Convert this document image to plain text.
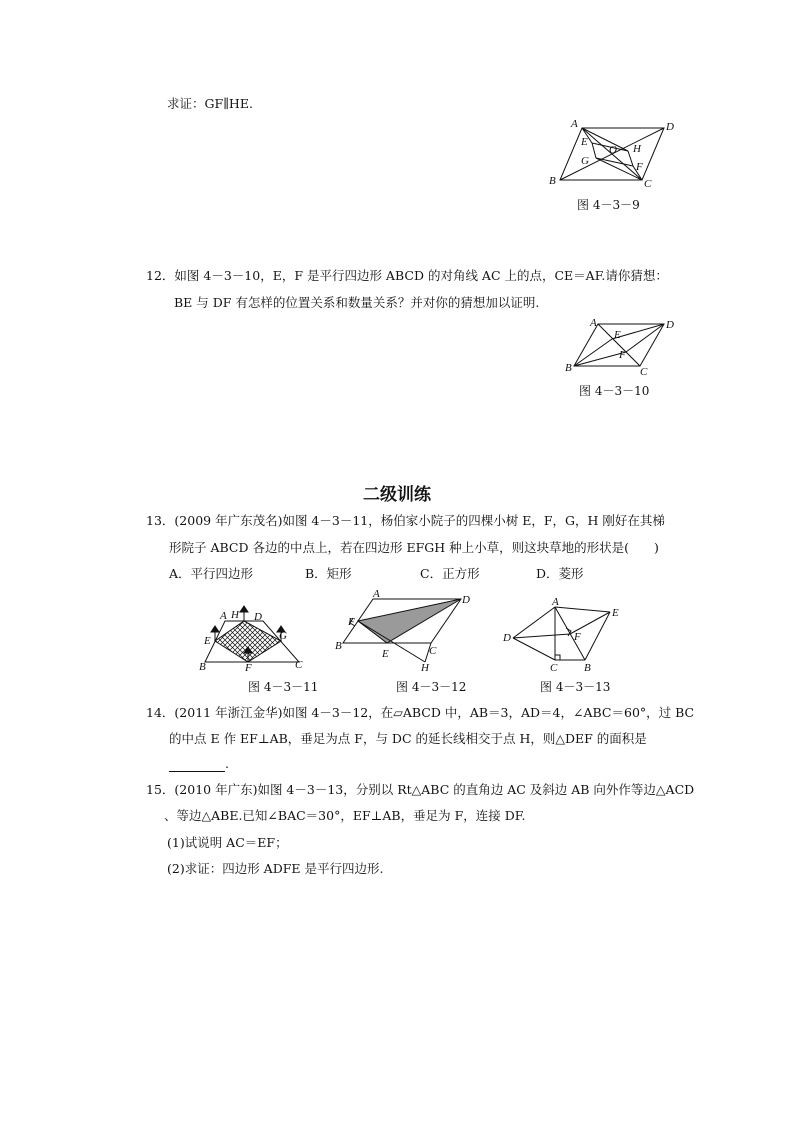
求证：GF∥HE.
A	D
E
O H
G	F
B	C
图 4－3－9
12．如图 4－3－10，E，F 是平行四边形 ABCD 的对角线 AC 上的点，CE＝AF.请你猜想：
BE 与 DF 有怎样的位置关系和数量关系？并对你的猜想加以证明.
A	D
E
F
B	C
图 4－3－10
二级训练
13．(2009 年广东茂名)如图 4－3－11，杨伯家小院子的四棵小树 E，F，G，H 刚好在其梯
形院子 ABCD 各边的中点上，若在四边形 EFGH 种上小草，则这块草地的形状是(　　)
A．平行四边形	B．矩形	C．正方形	D．菱形
A H D
E	G
B	F	C
图 4－3－11
A	D
F
B
E	C
H
图 4－3－12
A
E
D	F
C B
图 4－3－13
14．(2011 年浙江金华)如图 4－3－12，在▱ABCD 中，AB＝3，AD＝4，∠ABC＝60°，过 BC
的中点 E 作 EF⊥AB，垂足为点 F，与 DC 的延长线相交于点 H，则△DEF 的面积是
.
15．(2010 年广东)如图 4－3－13，分别以 Rt△ABC 的直角边 AC 及斜边 AB 向外作等边△ACD
、等边△ABE.已知∠BAC＝30°，EF⊥AB，垂足为 F，连接 DF.
(1)试说明 AC＝EF；
(2)求证：四边形 ADFE 是平行四边形.
